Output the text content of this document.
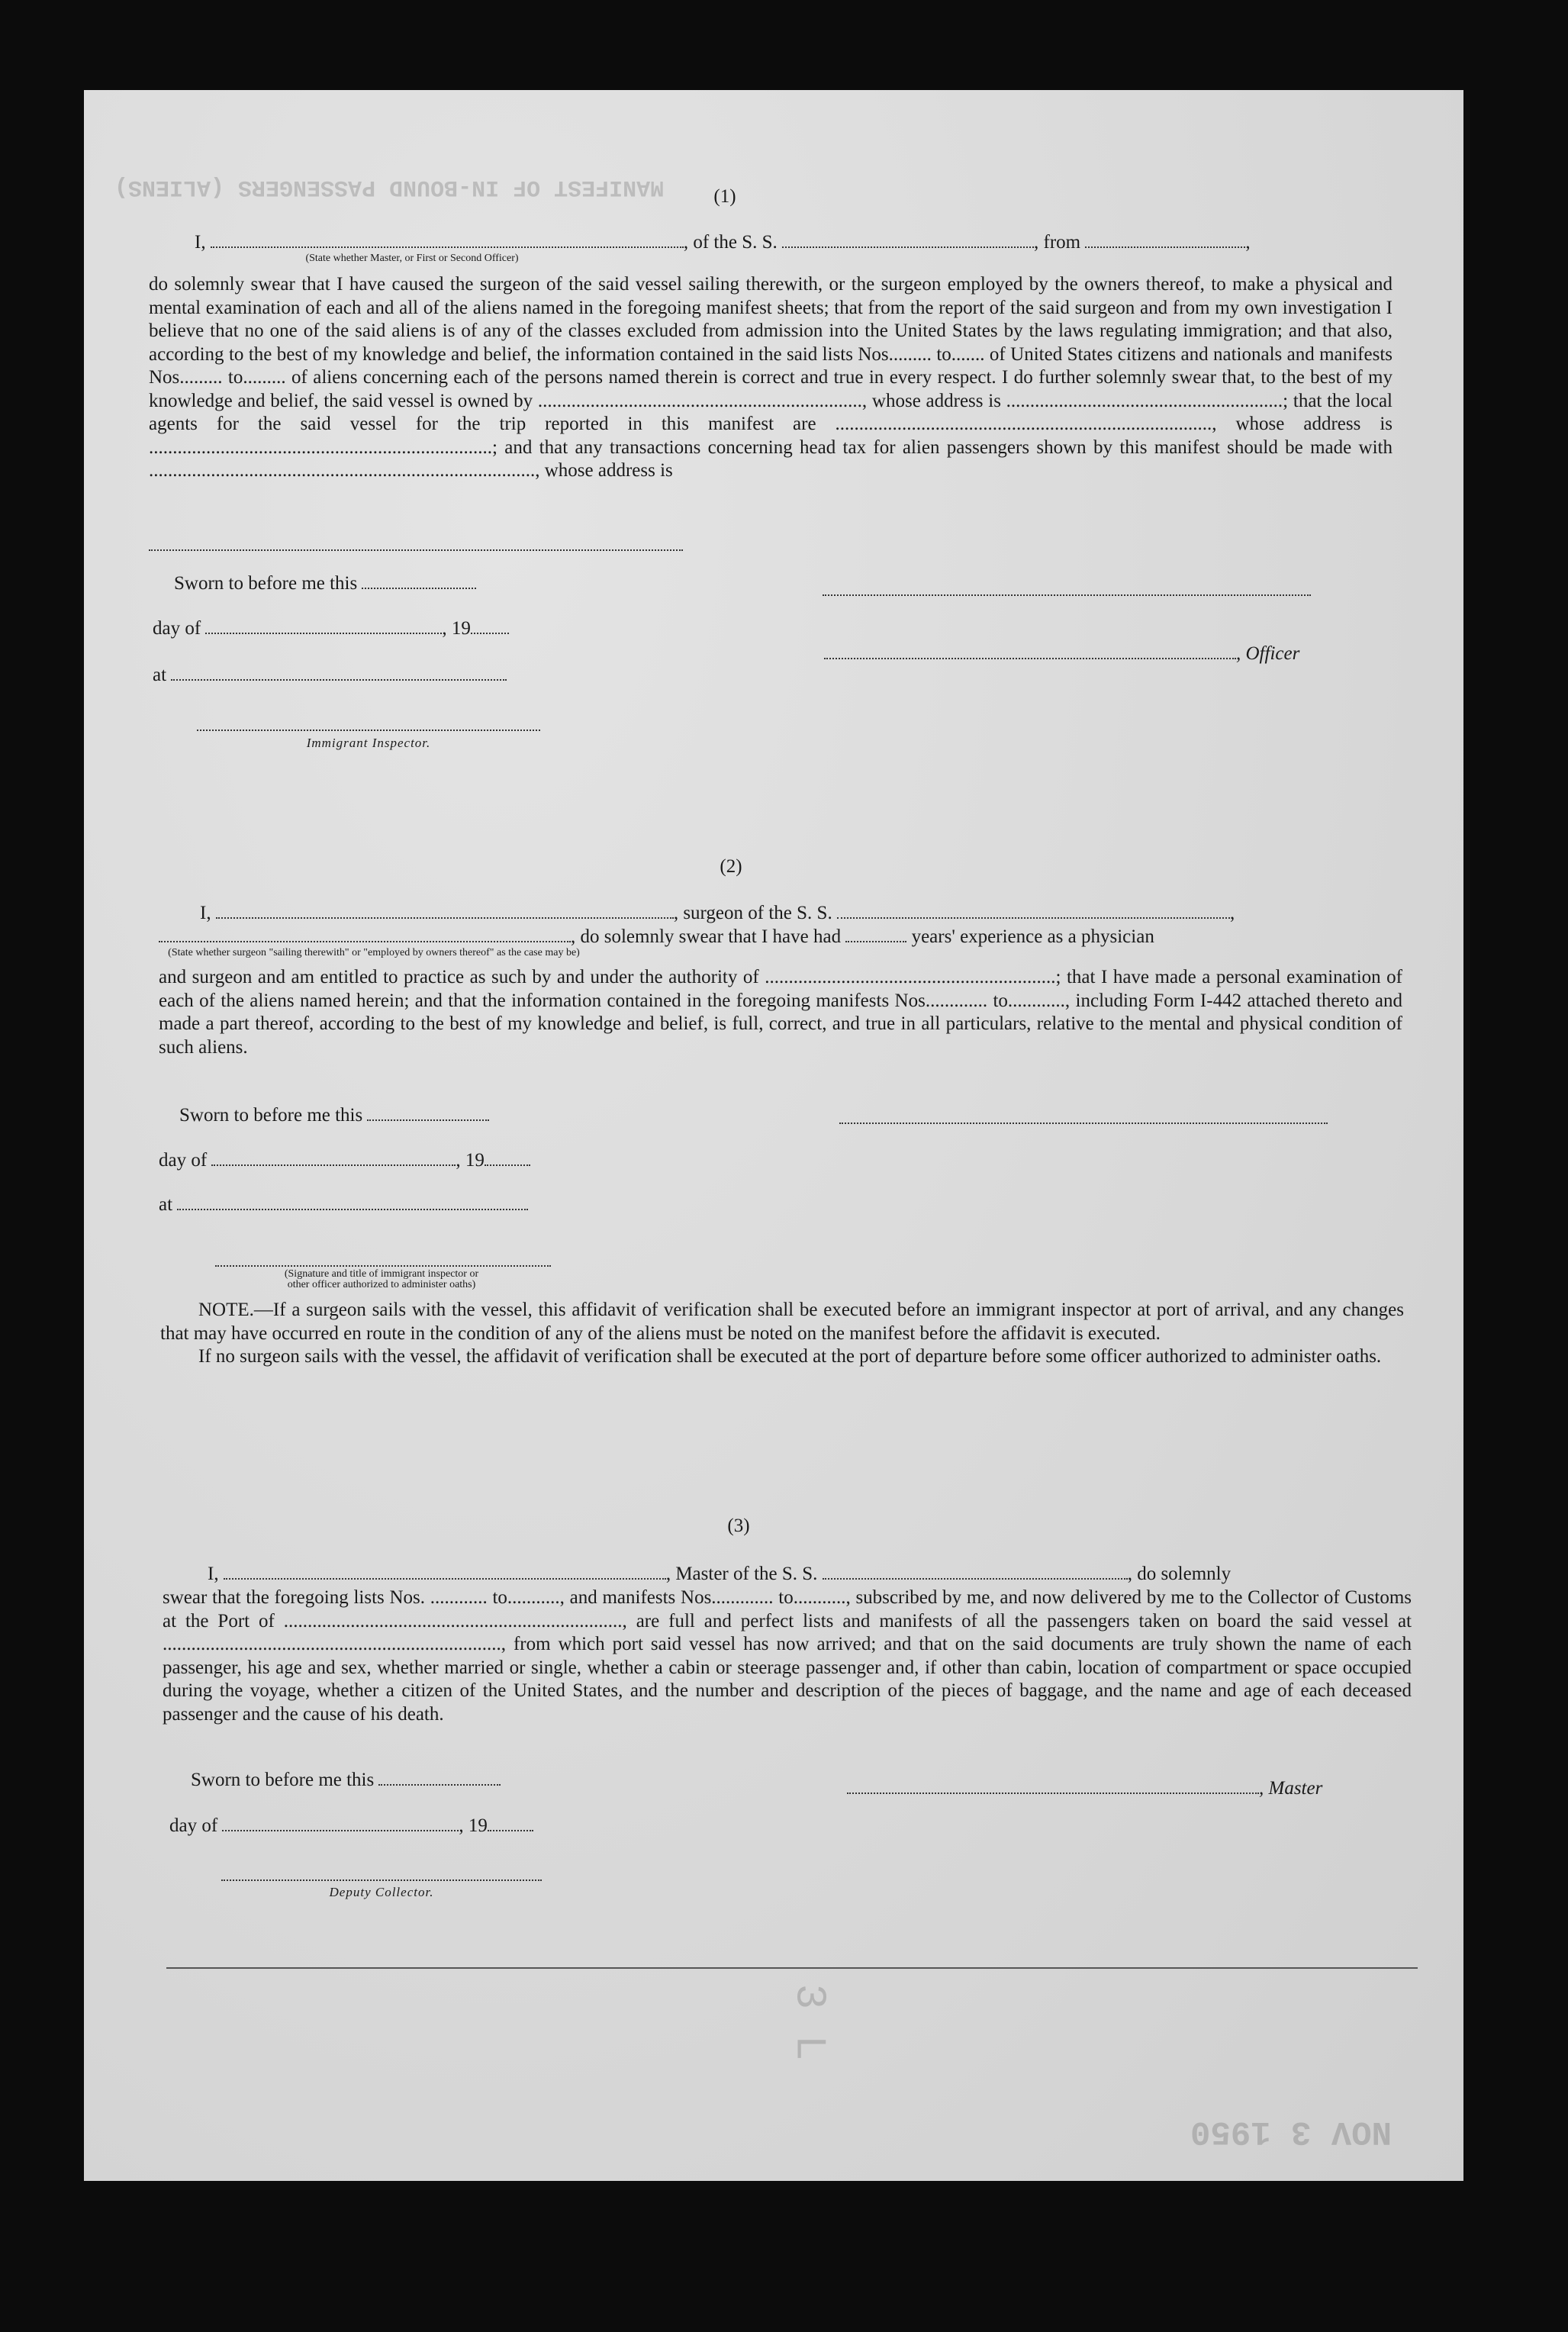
MANIFEST OF IN-BOUND PASSENGERS (ALIENS)
NOV 3 1950
3 L
(1)
I,	, of the S. S.	, from	,
(State whether Master, or First or Second Officer)

do solemnly swear that I have caused the surgeon of the said vessel sailing therewith, or the surgeon employed by the owners thereof, to make a physical and mental examination of each and all of the aliens named in the foregoing manifest sheets; that from the report of the said surgeon and from my own investigation I believe that no one of the said aliens is of any of the classes excluded from admission into the United States by the laws regulating immigration; and that also, according to the best of my knowledge and belief, the information contained in the said lists Nos......... to....... of United States citizens and nationals and manifests Nos......... to......... of aliens concerning each of the persons named therein is correct and true in every respect. I do further solemnly swear that, to the best of my knowledge and belief, the said vessel is owned by ...................................................................., whose address is ..........................................................; that the local agents for the said vessel for the trip reported in this manifest are ..............................................................................., whose address is ........................................................................; and that any transactions concerning head tax for alien passengers shown by this manifest should be made with ................................................................................., whose address is

Sworn to before me this
day of	, 19
, Officer
at
Immigrant Inspector.
(2)
I,	, surgeon of the S. S.	,
, do solemnly swear that I have had	years' experience as a physician
(State whether surgeon "sailing therewith" or "employed by owners thereof" as the case may be)

and surgeon and am entitled to practice as such by and under the authority of .............................................................; that I have made a personal examination of each of the aliens named herein; and that the information contained in the foregoing manifests Nos............. to............, including Form I-442 attached thereto and made a part thereof, according to the best of my knowledge and belief, is full, correct, and true in all particulars, relative to the mental and physical condition of such aliens.

Sworn to before me this
day of	, 19
at
(Signature and title of immigrant inspector or
other officer authorized to administer oaths)

NOTE.—If a surgeon sails with the vessel, this affidavit of verification shall be executed before an immigrant inspector at port of arrival, and any changes that may have occurred en route in the condition of any of the aliens must be noted on the manifest before the affidavit is executed.

If no surgeon sails with the vessel, the affidavit of verification shall be executed at the port of departure before some officer authorized to administer oaths.

(3)
I,	, Master of the S. S.	, do solemnly

swear that the foregoing lists Nos. ............ to..........., and manifests Nos............. to..........., subscribed by me, and now delivered by me to the Collector of Customs at the Port of ......................................................................., are full and perfect lists and manifests of all the passengers taken on board the said vessel at ......................................................................., from which port said vessel has now arrived; and that on the said documents are truly shown the name of each passenger, his age and sex, whether married or single, whether a cabin or steerage passenger and, if other than cabin, location of compartment or space occupied during the voyage, whether a citizen of the United States, and the number and description of the pieces of baggage, and the name and age of each deceased passenger and the cause of his death.

Sworn to before me this	, Master
day of	, 19
Deputy Collector.
